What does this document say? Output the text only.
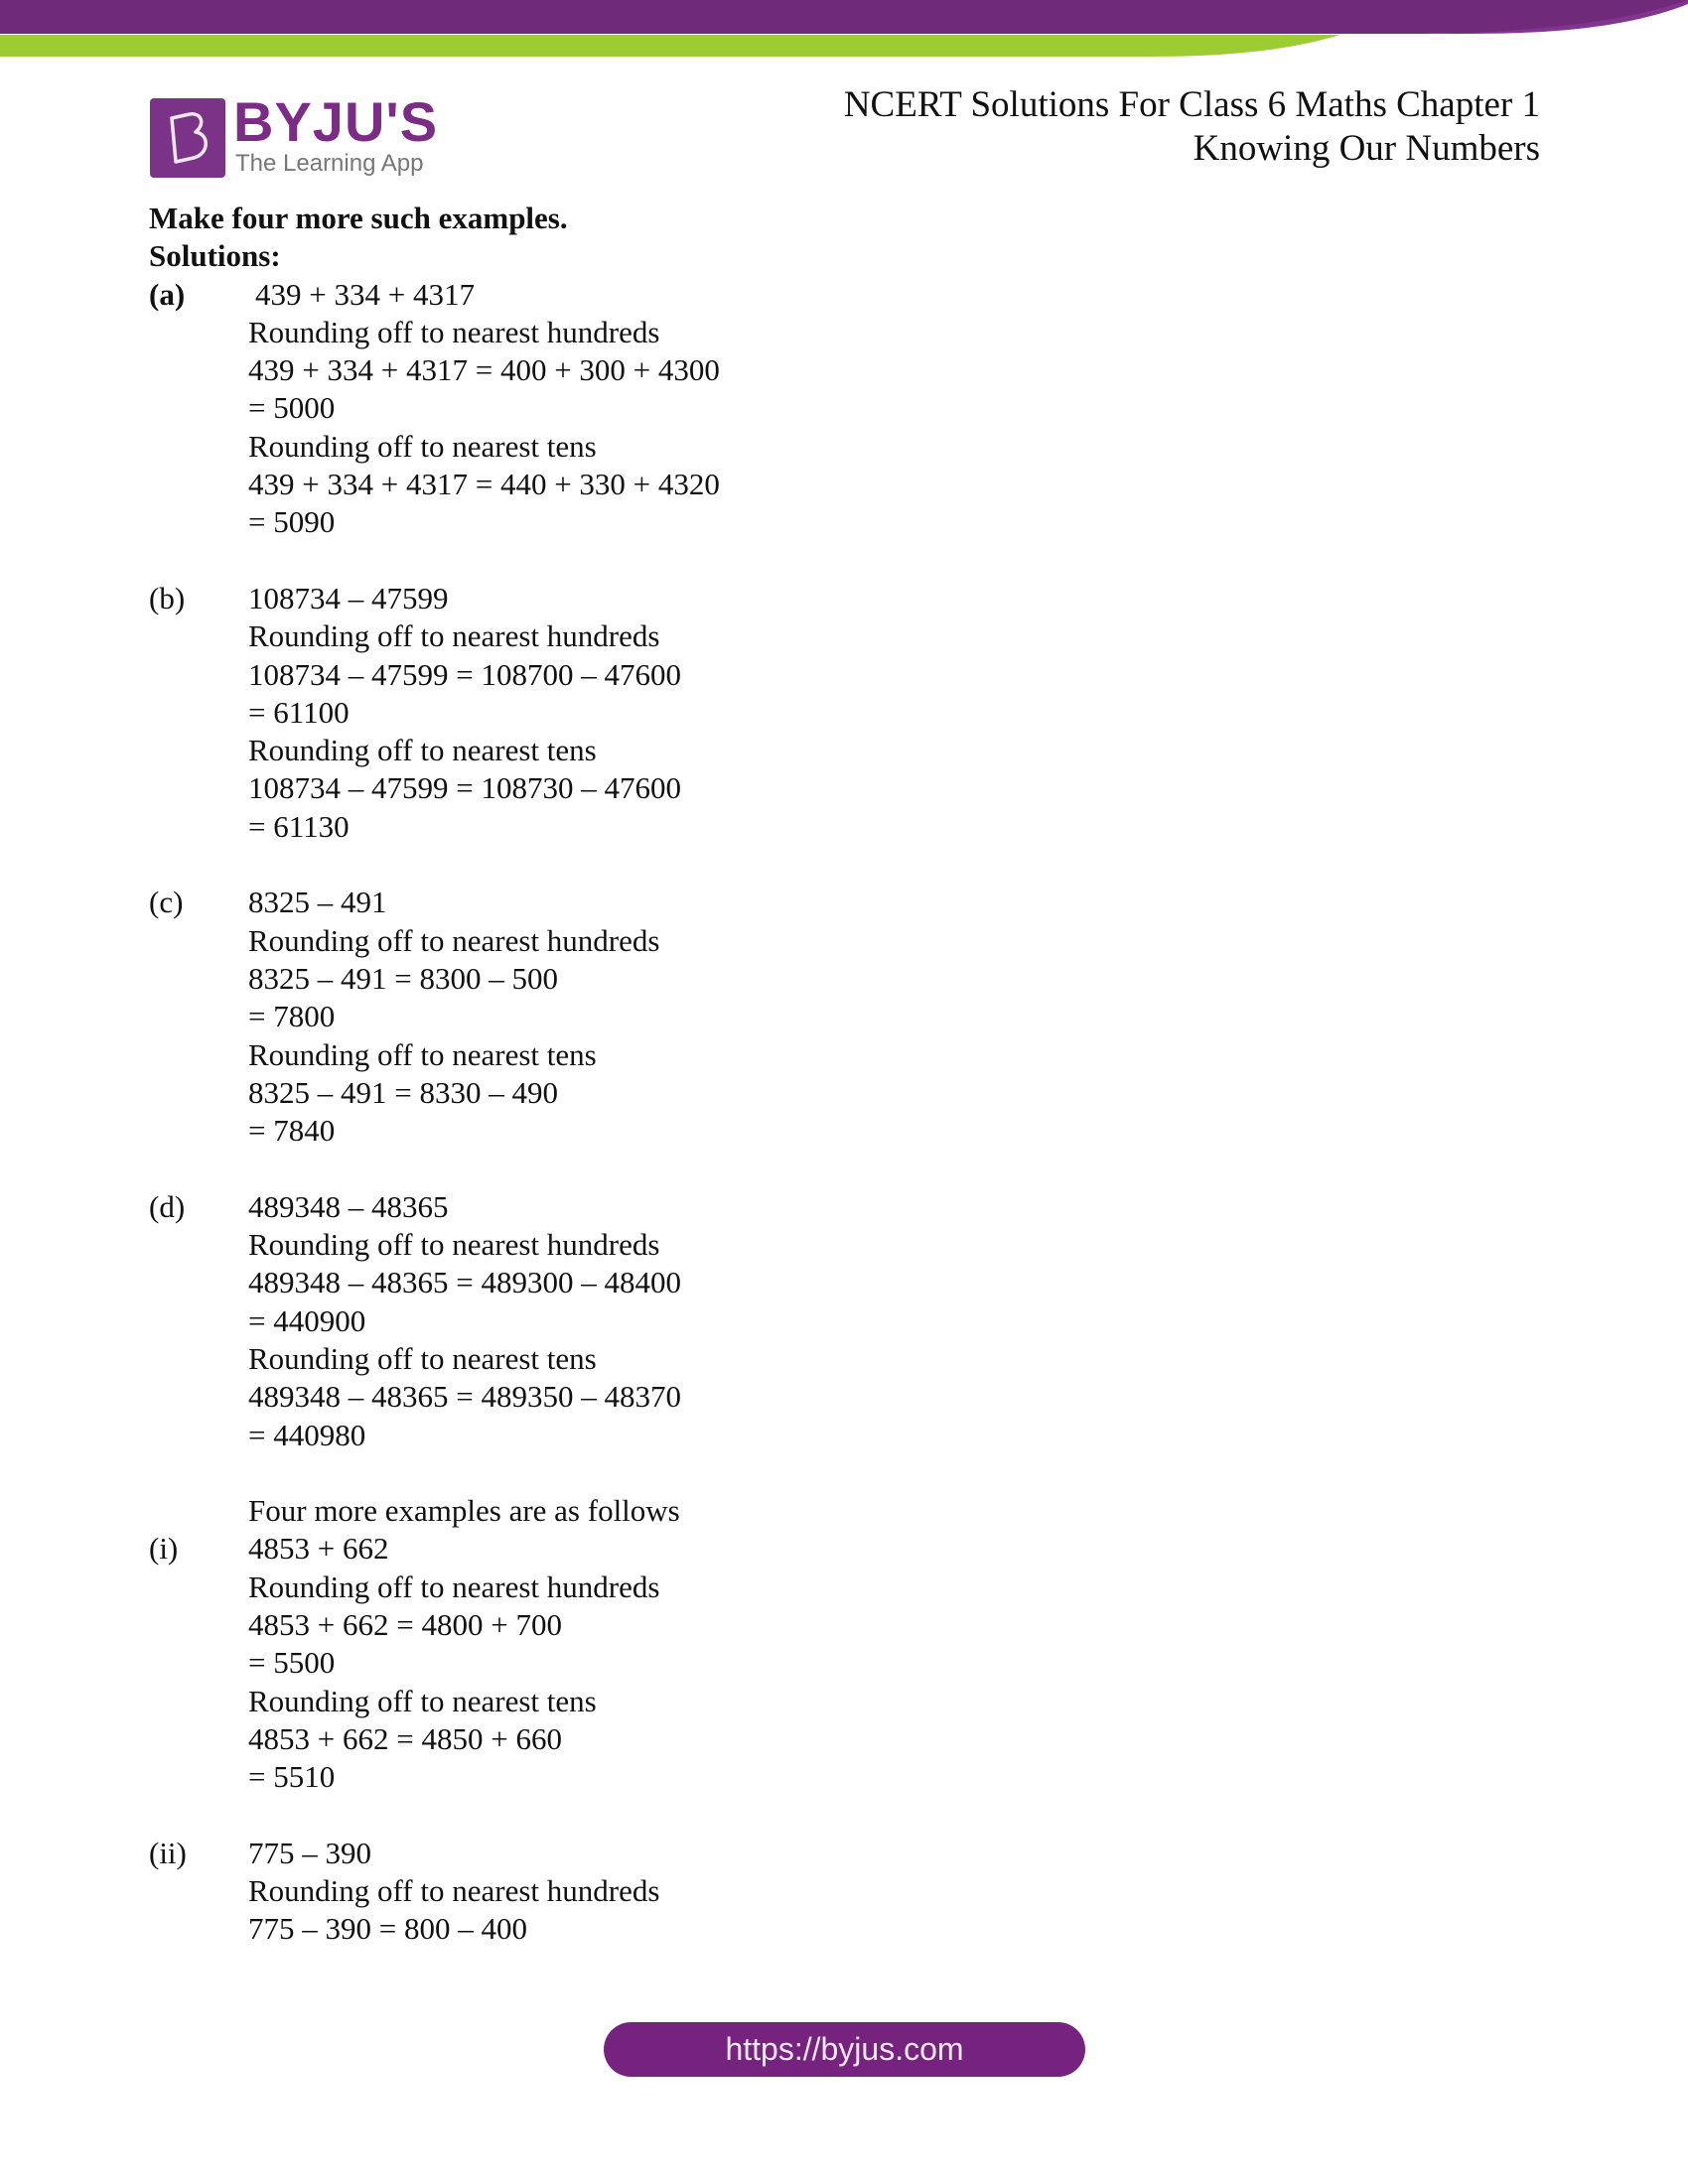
BYJU'S
The Learning App
NCERT Solutions For Class 6 Maths Chapter 1
Knowing Our Numbers
Make four more such examples.
Solutions:
(a) 439 + 334 + 4317
Rounding off to nearest hundreds
439 + 334 + 4317 = 400 + 300 + 4300
= 5000
Rounding off to nearest tens
439 + 334 + 4317 = 440 + 330 + 4320
= 5090
(b) 108734 – 47599
Rounding off to nearest hundreds
108734 – 47599 = 108700 – 47600
= 61100
Rounding off to nearest tens
108734 – 47599 = 108730 – 47600
= 61130
(c) 8325 – 491
Rounding off to nearest hundreds
8325 – 491 = 8300 – 500
= 7800
Rounding off to nearest tens
8325 – 491 = 8330 – 490
= 7840
(d) 489348 – 48365
Rounding off to nearest hundreds
489348 – 48365 = 489300 – 48400
= 440900
Rounding off to nearest tens
489348 – 48365 = 489350 – 48370
= 440980
Four more examples are as follows
(i) 4853 + 662
Rounding off to nearest hundreds
4853 + 662 = 4800 + 700
= 5500
Rounding off to nearest tens
4853 + 662 = 4850 + 660
= 5510
(ii) 775 – 390
Rounding off to nearest hundreds
775 – 390 = 800 – 400
https://byjus.com
